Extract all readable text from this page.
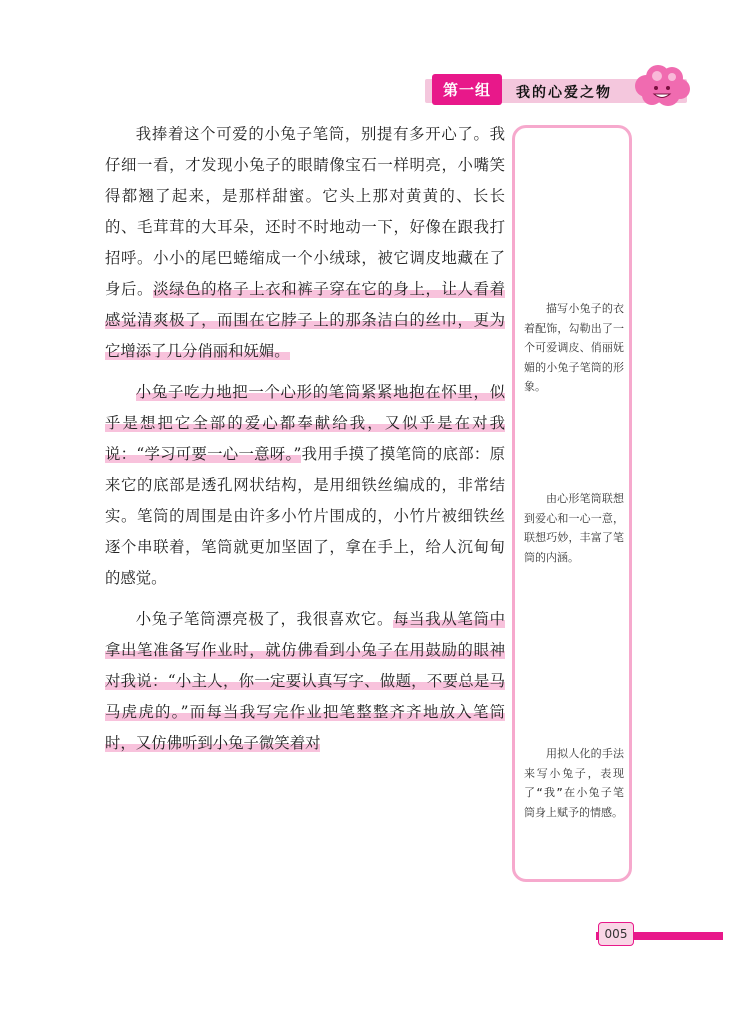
第一组 我的心爱之物

我捧着这个可爱的小兔子笔筒，别提有多开心了。我仔细一看，才发现小兔子的眼睛像宝石一样明亮，小嘴笑得都翘了起来，是那样甜蜜。它头上那对黄黄的、长长的、毛茸茸的大耳朵，还时不时地动一下，好像在跟我打招呼。小小的尾巴蜷缩成一个小绒球，被它调皮地藏在了身后。淡绿色的格子上衣和裤子穿在它的身上，让人看着感觉清爽极了，而围在它脖子上的那条洁白的丝巾，更为它增添了几分俏丽和妩媚。

小兔子吃力地把一个心形的笔筒紧紧地抱在怀里，似乎是想把它全部的爱心都奉献给我，又似乎是在对我说：“学习可要一心一意呀。”我用手摸了摸笔筒的底部：原来它的底部是透孔网状结构，是用细铁丝编成的，非常结实。笔筒的周围是由许多小竹片围成的，小竹片被细铁丝逐个串联着，笔筒就更加坚固了，拿在手上，给人沉甸甸的感觉。

小兔子笔筒漂亮极了，我很喜欢它。每当我从笔筒中拿出笔准备写作业时，就仿佛看到小兔子在用鼓励的眼神对我说：“小主人，你一定要认真写字、做题，不要总是马马虎虎的。”而每当我写完作业把笔整整齐齐地放入笔筒时，又仿佛听到小兔子微笑着对

描写小兔子的衣着配饰，勾勒出了一个可爱调皮、俏丽妩媚的小兔子笔筒的形象。
由心形笔筒联想到爱心和一心一意，联想巧妙，丰富了笔筒的内涵。
用拟人化的手法来写小兔子，表现了“我”在小兔子笔筒身上赋予的情感。
005
